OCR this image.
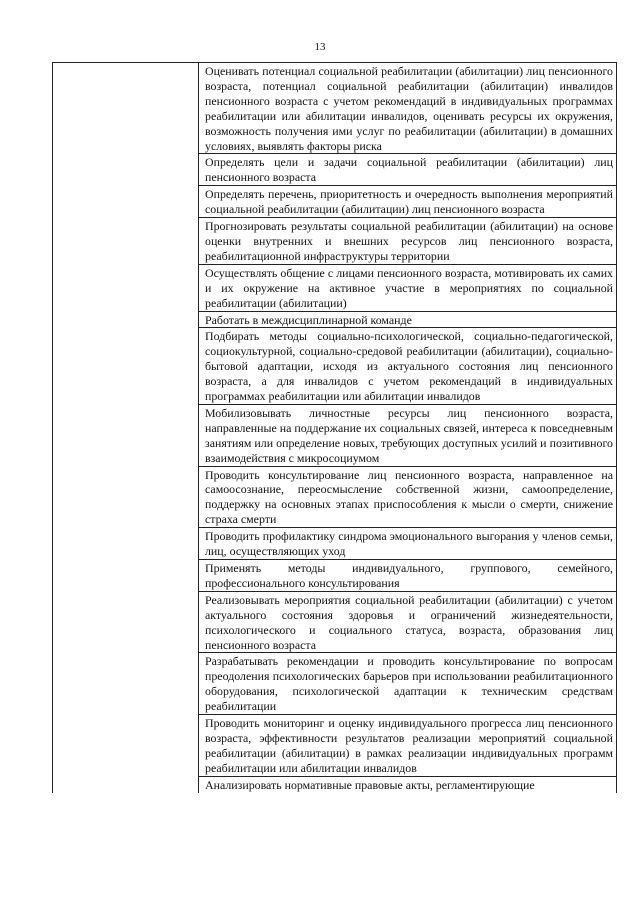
13

Оценивать потенциал социальной реабилитации (абилитации) лиц пенсионного возраста, потенциал социальной реабилитации (абилитации) инвалидов пенсионного возраста с учетом рекомендаций в индивидуальных программах реабилитации или абилитации инвалидов, оценивать ресурсы их окружения, возможность получения ими услуг по реабилитации (абилитации) в домашних условиях, выявлять факторы риска

Определять цели и задачи социальной реабилитации (абилитации) лиц пенсионного возраста

Определять перечень, приоритетность и очередность выполнения мероприятий социальной реабилитации (абилитации) лиц пенсионного возраста

Прогнозировать результаты социальной реабилитации (абилитации) на основе оценки внутренних и внешних ресурсов лиц пенсионного возраста, реабилитационной инфраструктуры территории

Осуществлять общение с лицами пенсионного возраста, мотивировать их самих и их окружение на активное участие в мероприятиях по социальной реабилитации (абилитации)

Работать в междисциплинарной команде

Подбирать методы социально-психологической, социально-педагогической, социокультурной, социально-средовой реабилитации (абилитации), социально-бытовой адаптации, исходя из актуального состояния лиц пенсионного возраста, а для инвалидов с учетом рекомендаций в индивидуальных программах реабилитации или абилитации инвалидов

Мобилизовывать личностные ресурсы лиц пенсионного возраста, направленные на поддержание их социальных связей, интереса к повседневным занятиям или определение новых, требующих доступных усилий и позитивного взаимодействия с микросоциумом

Проводить консультирование лиц пенсионного возраста, направленное на самоосознание, переосмысление собственной жизни, самоопределение, поддержку на основных этапах приспособления к мысли о смерти, снижение страха смерти

Проводить профилактику синдрома эмоционального выгорания у членов семьи, лиц, осуществляющих уход

Применять методы индивидуального, группового, семейного, профессионального консультирования

Реализовывать мероприятия социальной реабилитации (абилитации) с учетом актуального состояния здоровья и ограничений жизнедеятельности, психологического и социального статуса, возраста, образования лиц пенсионного возраста

Разрабатывать рекомендации и проводить консультирование по вопросам преодоления психологических барьеров при использовании реабилитационного оборудования, психологической адаптации к техническим средствам реабилитации

Проводить мониторинг и оценку индивидуального прогресса лиц пенсионного возраста, эффективности результатов реализации мероприятий социальной реабилитации (абилитации) в рамках реализации индивидуальных программ реабилитации или абилитации инвалидов

Анализировать нормативные правовые акты, регламентирующие
